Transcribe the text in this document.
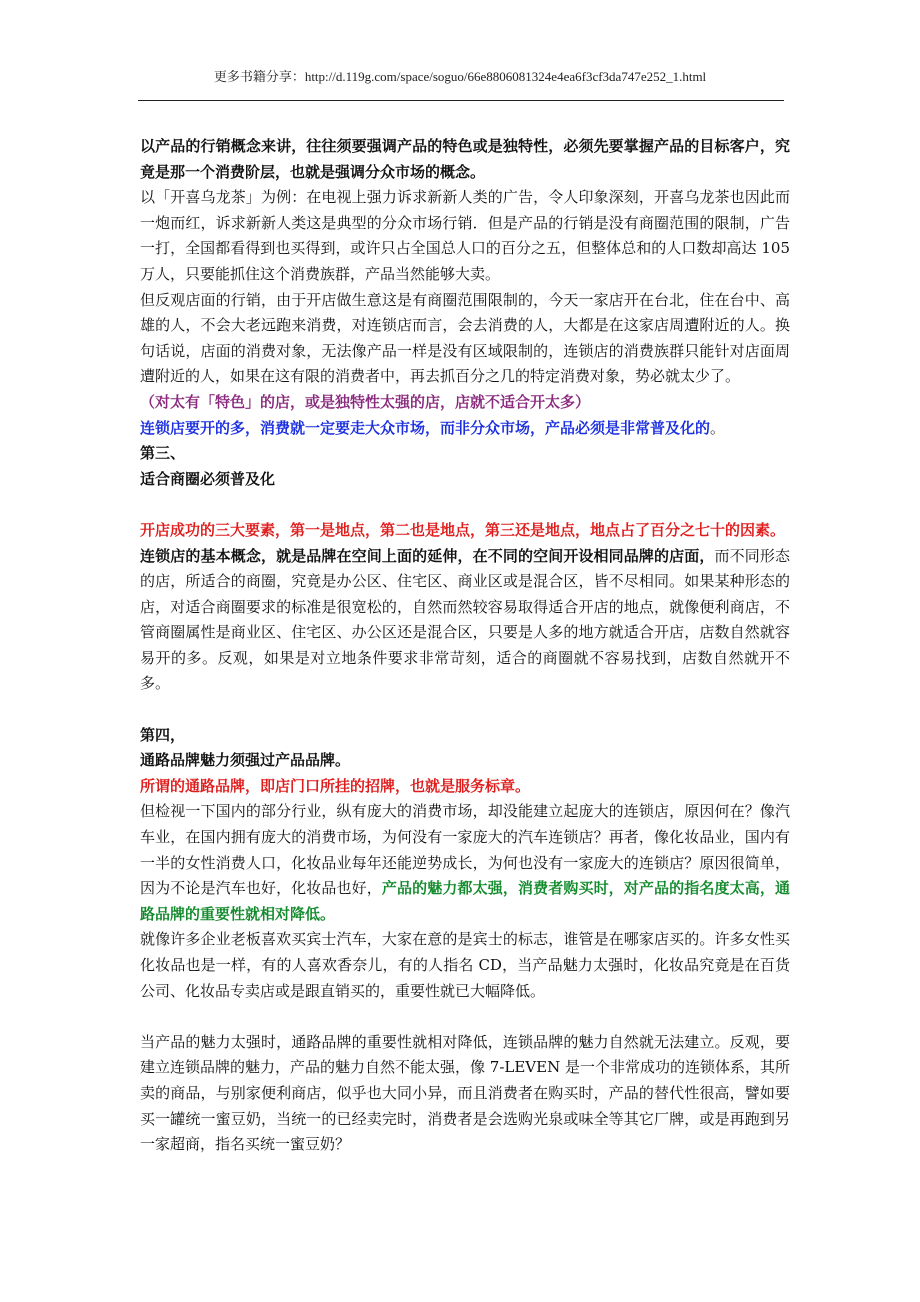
更多书籍分享：http://d.119g.com/space/soguo/66e8806081324e4ea6f3cf3da747e252_1.html

以产品的行销概念来讲，往往须要强调产品的特色或是独特性，必须先要掌握产品的目标客户，究竟是那一个消费阶层，也就是强调分众市场的概念。

以「开喜乌龙茶」为例：在电视上强力诉求新新人类的广告，令人印象深刻，开喜乌龙茶也因此而一炮而红，诉求新新人类这是典型的分众市场行销．但是产品的行销是没有商圈范围的限制，广告一打，全国都看得到也买得到，或许只占全国总人口的百分之五，但整体总和的人口数却高达 105 万人，只要能抓住这个消费族群，产品当然能够大卖。

但反观店面的行销，由于开店做生意这是有商圈范围限制的，今天一家店开在台北，住在台中、高雄的人，不会大老远跑来消费，对连锁店而言，会去消费的人，大都是在这家店周遭附近的人。换句话说，店面的消费对象，无法像产品一样是没有区域限制的，连锁店的消费族群只能针对店面周遭附近的人，如果在这有限的消费者中，再去抓百分之几的特定消费对象，势必就太少了。

（对太有「特色」的店，或是独特性太强的店，店就不适合开太多）

连锁店要开的多，消费就一定要走大众市场，而非分众市场，产品必须是非常普及化的。

第三、

适合商圈必须普及化

开店成功的三大要素，第一是地点，第二也是地点，第三还是地点，地点占了百分之七十的因素。

连锁店的基本概念，就是品牌在空间上面的延伸，在不同的空间开设相同品牌的店面，而不同形态的店，所适合的商圈，究竟是办公区、住宅区、商业区或是混合区，皆不尽相同。如果某种形态的店，对适合商圈要求的标准是很宽松的，自然而然较容易取得适合开店的地点，就像便利商店，不管商圈属性是商业区、住宅区、办公区还是混合区，只要是人多的地方就适合开店，店数自然就容易开的多。反观，如果是对立地条件要求非常苛刻，适合的商圈就不容易找到，店数自然就开不多。

第四，

通路品牌魅力须强过产品品牌。

所谓的通路品牌，即店门口所挂的招牌，也就是服务标章。

但检视一下国内的部分行业，纵有庞大的消费市场，却没能建立起庞大的连锁店，原因何在？像汽车业，在国内拥有庞大的消费市场，为何没有一家庞大的汽车连锁店？再者，像化妆品业，国内有一半的女性消费人口，化妆品业每年还能逆势成长，为何也没有一家庞大的连锁店？原因很简单，因为不论是汽车也好，化妆品也好，产品的魅力都太强，消费者购买时，对产品的指名度太高，通路品牌的重要性就相对降低。

就像许多企业老板喜欢买宾士汽车，大家在意的是宾士的标志，谁管是在哪家店买的。许多女性买化妆品也是一样，有的人喜欢香奈儿，有的人指名 CD，当产品魅力太强时，化妆品究竟是在百货公司、化妆品专卖店或是跟直销买的，重要性就已大幅降低。

当产品的魅力太强时，通路品牌的重要性就相对降低，连锁品牌的魅力自然就无法建立。反观，要建立连锁品牌的魅力，产品的魅力自然不能太强，像 7-LEVEN 是一个非常成功的连锁体系，其所卖的商品，与别家便利商店，似乎也大同小异，而且消费者在购买时，产品的替代性很高，譬如要买一罐统一蜜豆奶，当统一的已经卖完时，消费者是会选购光泉或味全等其它厂牌，或是再跑到另一家超商，指名买统一蜜豆奶？
